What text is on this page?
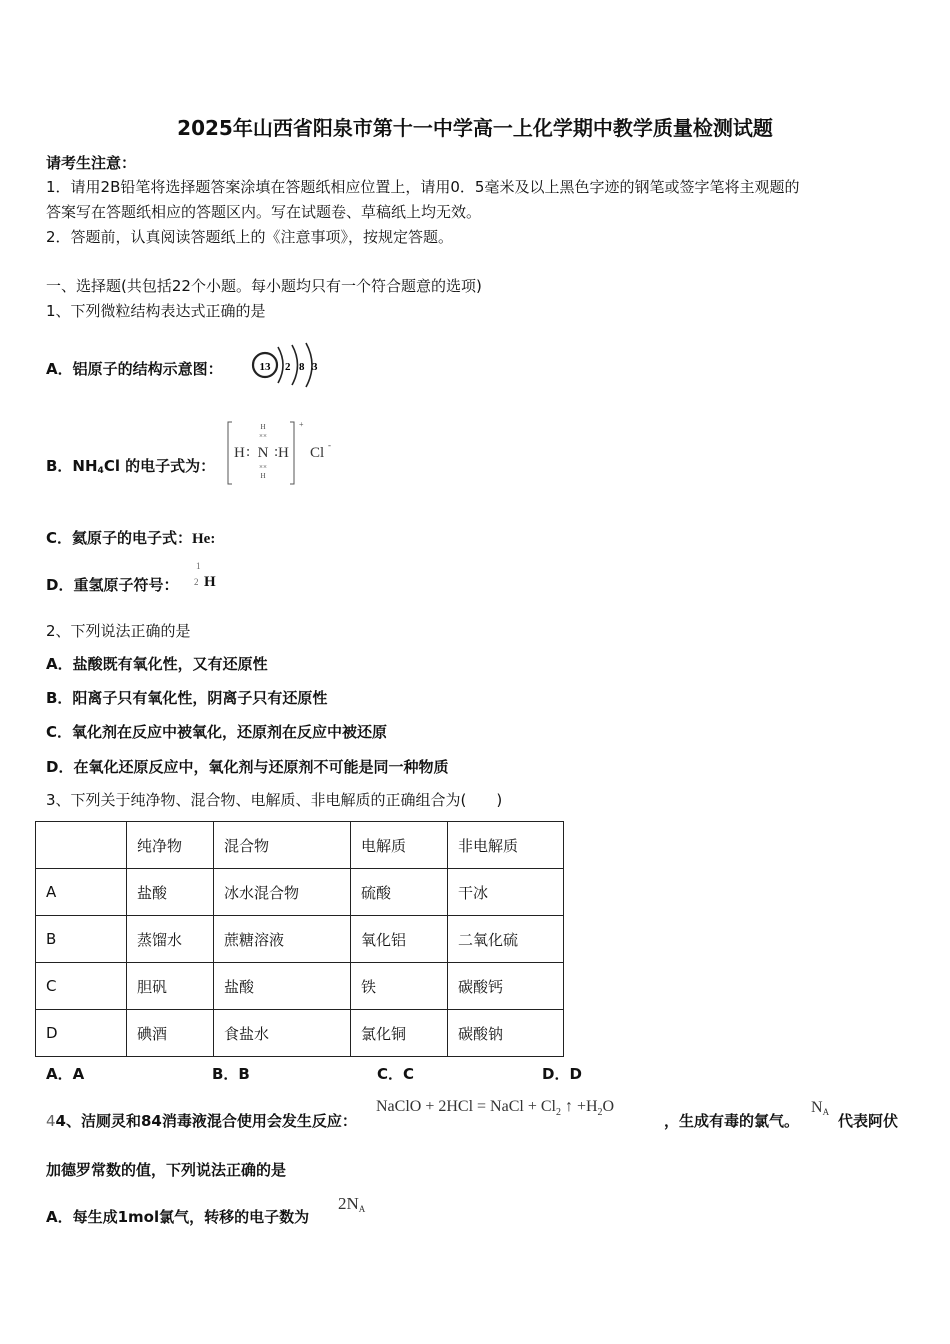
2025年山西省阳泉市第十一中学高一上化学期中教学质量检测试题
请考生注意：
1．请用2B铅笔将选择题答案涂填在答题纸相应位置上，请用0．5毫米及以上黑色字迹的钢笔或签字笔将主观题的
答案写在答题纸相应的答题区内。写在试题卷、草稿纸上均无效。
2．答题前，认真阅读答题纸上的《注意事项》，按规定答题。
一、选择题(共包括22个小题。每小题均只有一个符合题意的选项)
1、下列微粒结构表达式正确的是
A．铝原子的结构示意图：	13 2 8 3
B．$NH_4Cl$ 的电子式为：
H
××
H : N : H
××
H
+
Cl -
C．氦原子的电子式：He:
D．重氢原子符号：
1
2 H
2、下列说法正确的是
A．盐酸既有氧化性，又有还原性
B．阳离子只有氧化性，阴离子只有还原性
C．氧化剂在反应中被氧化，还原剂在反应中被还原
D．在氧化还原反应中，氧化剂与还原剂不可能是同一种物质
3、下列关于纯净物、混合物、电解质、非电解质的正确组合为(　　)
	纯净物	混合物	电解质	非电解质
A	盐酸	冰水混合物	硫酸	干冰
B	蒸馏水	蔗糖溶液	氧化铝	二氧化硫
C	胆矾	盐酸	铁	碳酸钙
D	碘酒	食盐水	氯化铜	碳酸钠
A．A	B．B	C．C	D．D
44、洁厕灵和84消毒液混合使用会发生反应：
NaClO + 2HCl = NaCl + $Cl_2$ ↑ $+H_2O$
，生成有毒的氯气。
NA 代表阿伏
加德罗常数的值，下列说法正确的是
A．每生成1mol氯气，转移的电子数为
2NA
